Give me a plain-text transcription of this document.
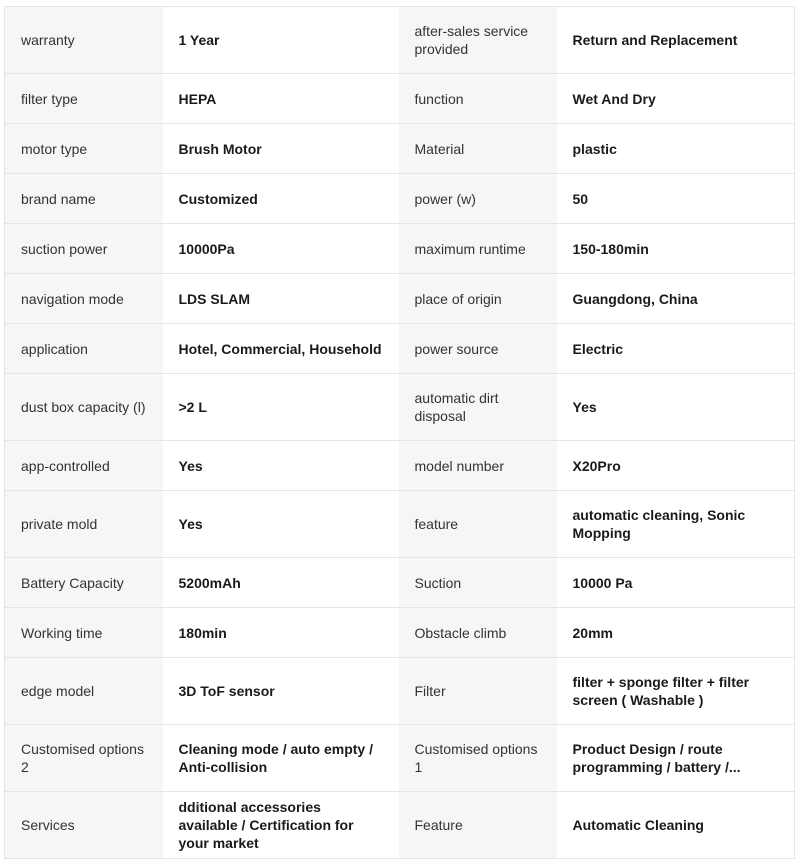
warranty	1 Year	after-sales service provided	Return and Replacement
filter type	HEPA	function	Wet And Dry
motor type	Brush Motor	Material	plastic
brand name	Customized	power (w)	50
suction power	10000Pa	maximum runtime	150-180min
navigation mode	LDS SLAM	place of origin	Guangdong, China
application	Hotel, Commercial, Household	power source	Electric
dust box capacity (l)	>2 L	automatic dirt disposal	Yes
app-controlled	Yes	model number	X20Pro
private mold	Yes	feature	automatic cleaning, Sonic Mopping
Battery Capacity	5200mAh	Suction	10000 Pa
Working time	180min	Obstacle climb	20mm
edge model	3D ToF sensor	Filter	filter + sponge filter + filter screen ( Washable )
Customised options 2	Cleaning mode / auto empty / Anti-collision	Customised options 1	Product Design / route programming / battery /...

Services	dditional accessories available / Certification for your market	Feature	Automatic Cleaning
